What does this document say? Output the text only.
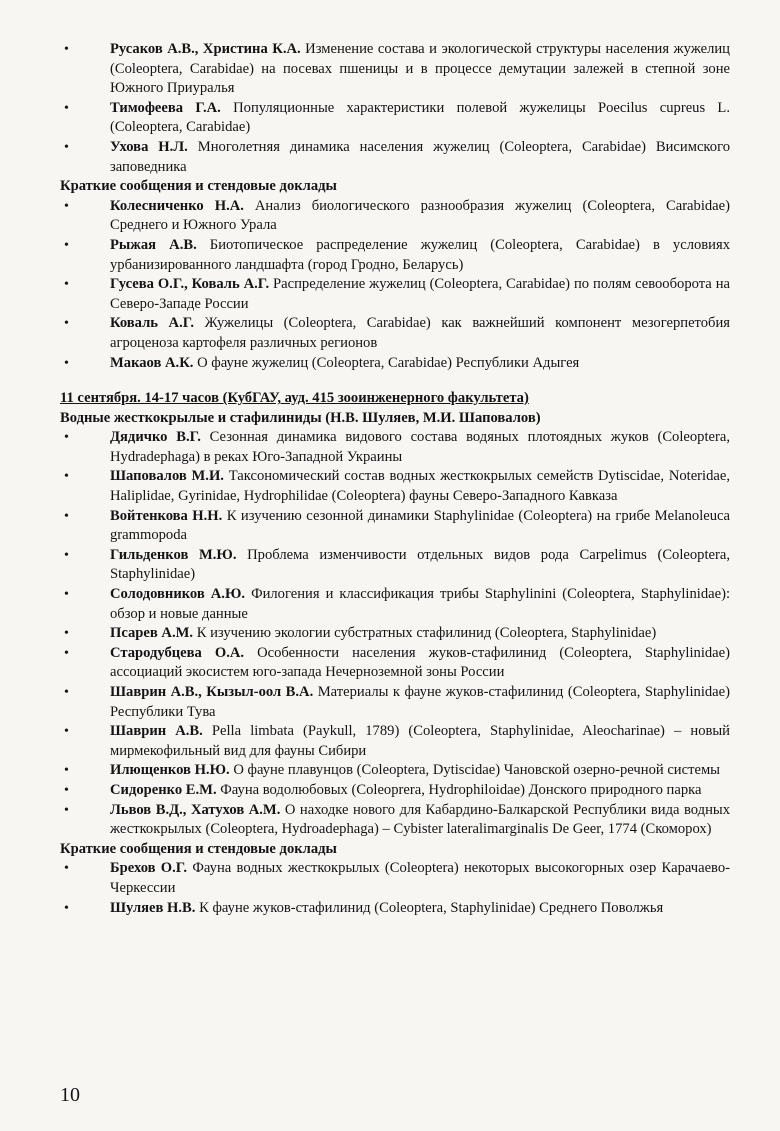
•	Русаков А.В., Христина К.А. Изменение состава и экологической структуры населения жужелиц (Coleoptera, Carabidae) на посевах пшеницы и в процессе демутации залежей в степной зоне Южного Приуралья
•	Тимофеева Г.А. Популяционные характеристики полевой жужелицы Poecilus cupreus L. (Coleoptera, Carabidae)
•	Ухова Н.Л. Многолетняя динамика населения жужелиц (Coleoptera, Carabidae) Висимского заповедника
Краткие сообщения и стендовые доклады
•	Колесниченко Н.А. Анализ биологического разнообразия жужелиц (Coleoptera, Carabidae) Среднего и Южного Урала
•	Рыжая А.В. Биотопическое распределение жужелиц (Coleoptera, Carabidae) в условиях урбанизированного ландшафта (город Гродно, Беларусь)
•	Гусева О.Г., Коваль А.Г. Распределение жужелиц (Coleoptera, Carabidae) по полям севооборота на Северо-Западе России
•	Коваль А.Г. Жужелицы (Coleoptera, Carabidae) как важнейший компонент мезогерпетобия агроценоза картофеля различных регионов
•	Макаов А.К. О фауне жужелиц (Coleoptera, Carabidae) Республики Адыгея
11 сентября. 14-17 часов (КубГАУ, ауд. 415 зооинженерного факультета)
Водные жесткокрылые и стафилиниды (Н.В. Шуляев, М.И. Шаповалов)
•	Дядичко В.Г. Сезонная динамика видового состава водяных плотоядных жуков (Coleoptera, Hydradephaga) в реках Юго-Западной Украины
•	Шаповалов М.И. Таксономический состав водных жесткокрылых семейств Dytiscidae, Noteridae, Haliplidae, Gyrinidae, Hydrophilidae (Coleoptera) фауны Северо-Западного Кавказа
•	Войтенкова Н.Н. К изучению сезонной динамики Staphylinidae (Coleoptera) на грибе Melanoleuca grammopoda
•	Гильденков М.Ю. Проблема изменчивости отдельных видов рода Carpelimus (Coleoptera, Staphylinidae)
•	Солодовников А.Ю. Филогения и классификация трибы Staphylinini (Coleoptera, Staphylinidae): обзор и новые данные
•	Псарев А.М. К изучению экологии субстратных стафилинид (Coleoptera, Staphylinidae)
•	Стародубцева О.А. Особенности населения жуков-стафилинид (Coleoptera, Staphylinidae) ассоциаций экосистем юго-запада Нечерноземной зоны России
•	Шаврин А.В., Кызыл-оол В.А. Материалы к фауне жуков-стафилинид (Coleoptera, Staphylinidae) Республики Тува
•	Шаврин А.В. Pella limbata (Paykull, 1789) (Coleoptera, Staphylinidae, Aleocharinae) – новый мирмекофильный вид для фауны Сибири
•	Илющенков Н.Ю. О фауне плавунцов (Coleoptera, Dytiscidae) Чановской озерно-речной системы
•	Сидоренко Е.М. Фауна водолюбовых (Coleoprera, Hydrophiloidae) Донского природного парка
•	Львов В.Д., Хатухов А.М. О находке нового для Кабардино-Балкарской Республики вида водных жесткокрылых (Coleoptera, Hydroadephaga) – Cybister lateralimarginalis De Geer, 1774 (Скоморох)
Краткие сообщения и стендовые доклады
•	Брехов О.Г. Фауна водных жесткокрылых (Coleoptera) некоторых высокогорных озер Карачаево-Черкессии
•	Шуляев Н.В. К фауне жуков-стафилинид (Coleoptera, Staphylinidae) Среднего Поволжья
10
